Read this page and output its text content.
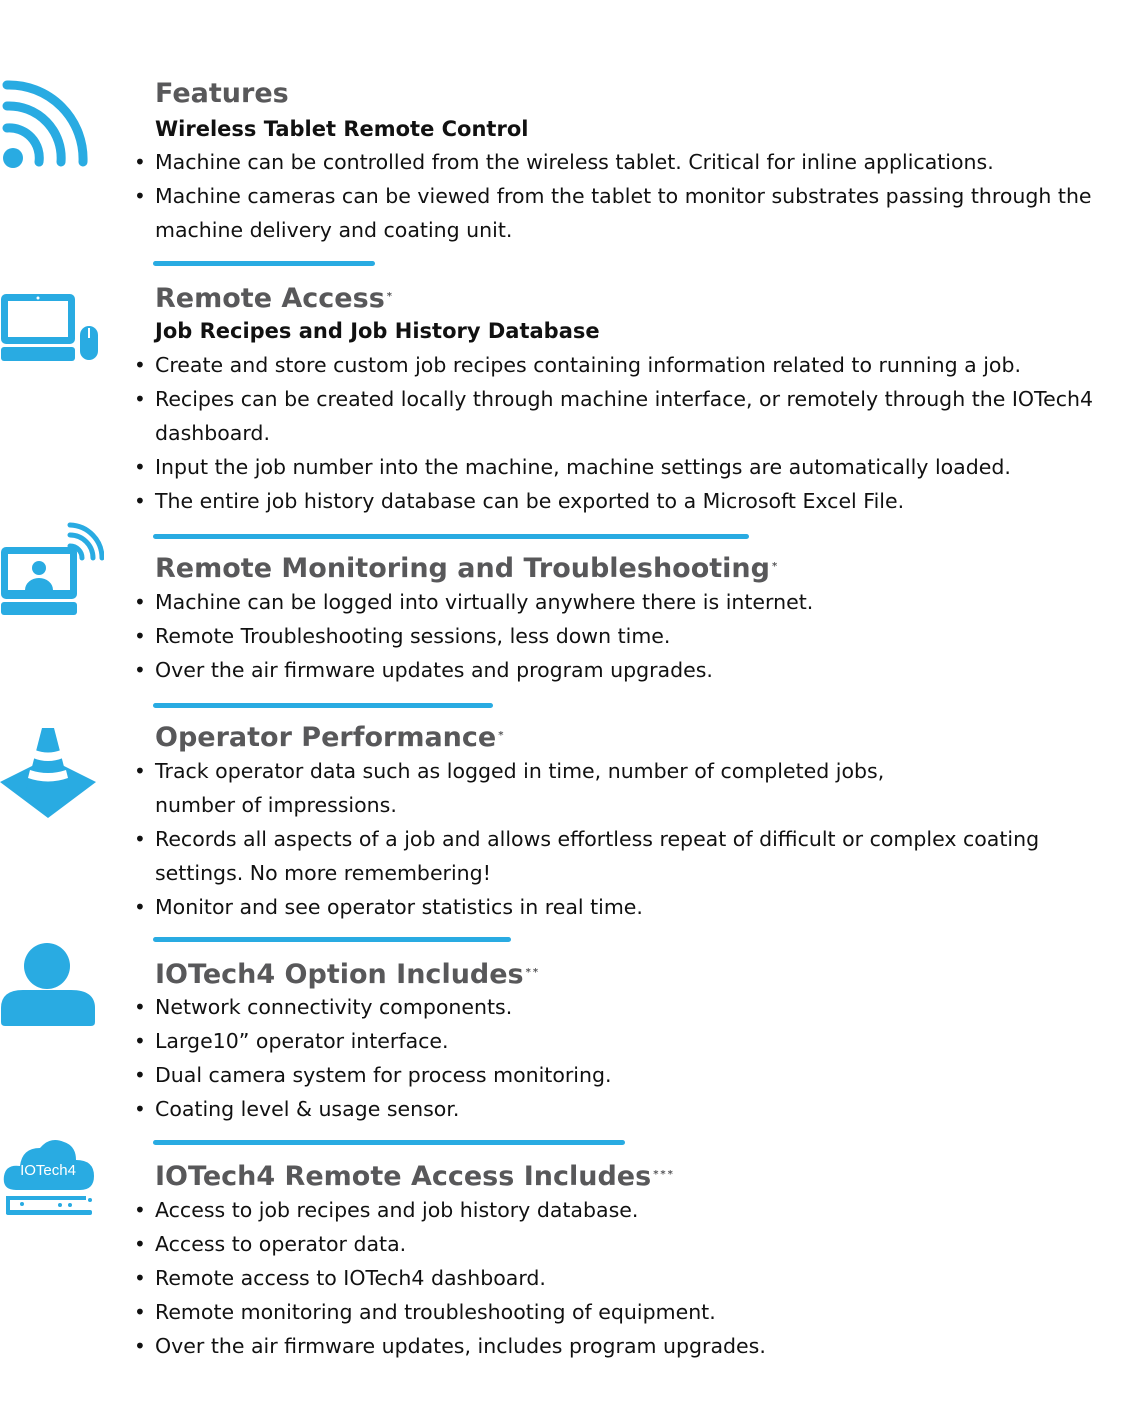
Features
Wireless Tablet Remote Control
• Machine can be controlled from the wireless tablet. Critical for inline applications.
• Machine cameras can be viewed from the tablet to monitor substrates passing through the machine delivery and coating unit.
Remote Access *
Job Recipes and Job History Database
• Create and store custom job recipes containing information related to running a job.
• Recipes can be created locally through machine interface, or remotely through the IOTech4 dashboard.
• Input the job number into the machine, machine settings are automatically loaded.
• The entire job history database can be exported to a Microsoft Excel File.
Remote Monitoring and Troubleshooting *
• Machine can be logged into virtually anywhere there is internet.
• Remote Troubleshooting sessions, less down time.
• Over the air firmware updates and program upgrades.
Operator Performance *
• Track operator data such as logged in time, number of completed jobs, number of impressions.
• Records all aspects of a job and allows effortless repeat of difficult or complex coating settings. No more remembering!
• Monitor and see operator statistics in real time.
IOTech4 Option Includes **
• Network connectivity components.
• Large10” operator interface.
• Dual camera system for process monitoring.
• Coating level & usage sensor.
IOTech4	IOTech4 Remote Access Includes ***
• Access to job recipes and job history database.
• Access to operator data.
• Remote access to IOTech4 dashboard.
• Remote monitoring and troubleshooting of equipment.
• Over the air firmware updates, includes program upgrades.
